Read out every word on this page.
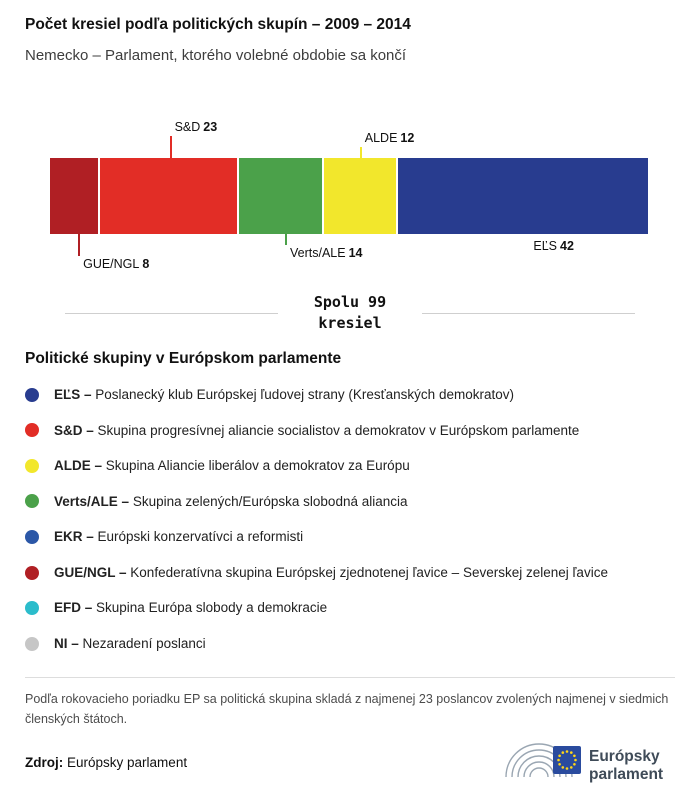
Počet kresiel podľa politických skupín – 2009 – 2014
Nemecko – Parlament, ktorého volebné obdobie sa končí
S&D 23
ALDE 12
GUE/NGL 8
Verts/ALE 14	EĽS 42
Spolu 99
kresiel
Politické skupiny v Európskom parlamente
EĽS – Poslanecký klub Európskej ľudovej strany (Kresťanských demokratov)
S&D – Skupina progresívnej aliancie socialistov a demokratov v Európskom parlamente
ALDE – Skupina Aliancie liberálov a demokratov za Európu
Verts/ALE – Skupina zelených/Európska slobodná aliancia
EKR – Európski konzervatívci a reformisti
GUE/NGL – Konfederatívna skupina Európskej zjednotenej ľavice – Severskej zelenej ľavice
EFD – Skupina Európa slobody a demokracie
NI – Nezaradení poslanci

Podľa rokovacieho poriadku EP sa politická skupina skladá z najmenej 23 poslancov zvolených najmenej v siedmich členských štátoch.

Zdroj: Európsky parlament	Európsky
parlament
